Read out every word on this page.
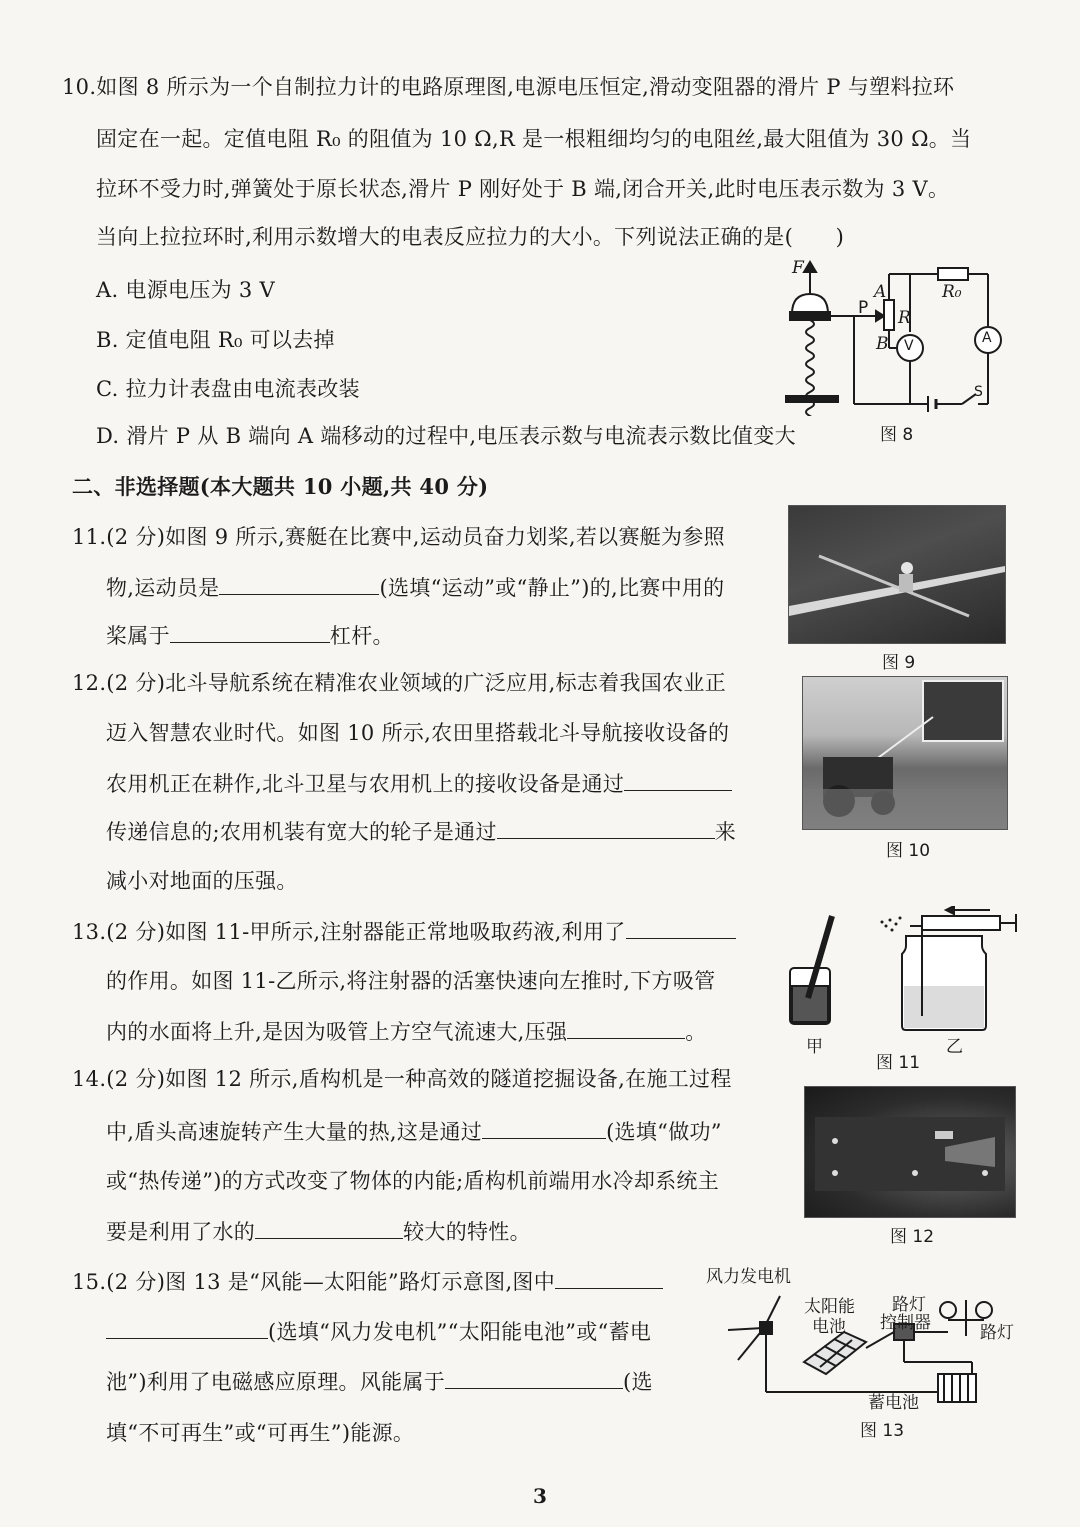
10.如图 8 所示为一个自制拉力计的电路原理图,电源电压恒定,滑动变阻器的滑片 P 与塑料拉环
固定在一起。定值电阻 R₀ 的阻值为 10 Ω,R 是一根粗细均匀的电阻丝,最大阻值为 30 Ω。当
拉环不受力时,弹簧处于原长状态,滑片 P 刚好处于 B 端,闭合开关,此时电压表示数为 3 V。
当向上拉拉环时,利用示数增大的电表反应拉力的大小。下列说法正确的是(　　)
A. 电源电压为 3 V
B. 定值电阻 R₀ 可以去掉
C. 拉力计表盘由电流表改装
D. 滑片 P 从 B 端向 A 端移动的过程中,电压表示数与电流表示数比值变大
F
P
A
B
R
R₀
V	A
S
图 8
二、非选择题(本大题共 10 小题,共 40 分)
11.(2 分)如图 9 所示,赛艇在比赛中,运动员奋力划桨,若以赛艇为参照
物,运动员是	(选填“运动”或“静止”)的,比赛中用的
桨属于	杠杆。
图 9
12.(2 分)北斗导航系统在精准农业领域的广泛应用,标志着我国农业正
迈入智慧农业时代。如图 10 所示,农田里搭载北斗导航接收设备的
农用机正在耕作,北斗卫星与农用机上的接收设备是通过
传递信息的;农用机装有宽大的轮子是通过	来
减小对地面的压强。
图 10
13.(2 分)如图 11-甲所示,注射器能正常地吸取药液,利用了
的作用。如图 11-乙所示,将注射器的活塞快速向左推时,下方吸管
内的水面将上升,是因为吸管上方空气流速大,压强	。
甲
图 11
乙
14.(2 分)如图 12 所示,盾构机是一种高效的隧道挖掘设备,在施工过程
中,盾头高速旋转产生大量的热,这是通过	(选填“做功”
或“热传递”)的方式改变了物体的内能;盾构机前端用水冷却系统主
要是利用了水的	较大的特性。	图 12
15.(2 分)图 13 是“风能—太阳能”路灯示意图,图中
(选填“风力发电机”“太阳能电池”或“蓄电
池”)利用了电磁感应原理。风能属于	(选
填“不可再生”或“可再生”)能源。
风力发电机
太阳能
电池
路灯
控制器	路灯
蓄电池
图 13
3
